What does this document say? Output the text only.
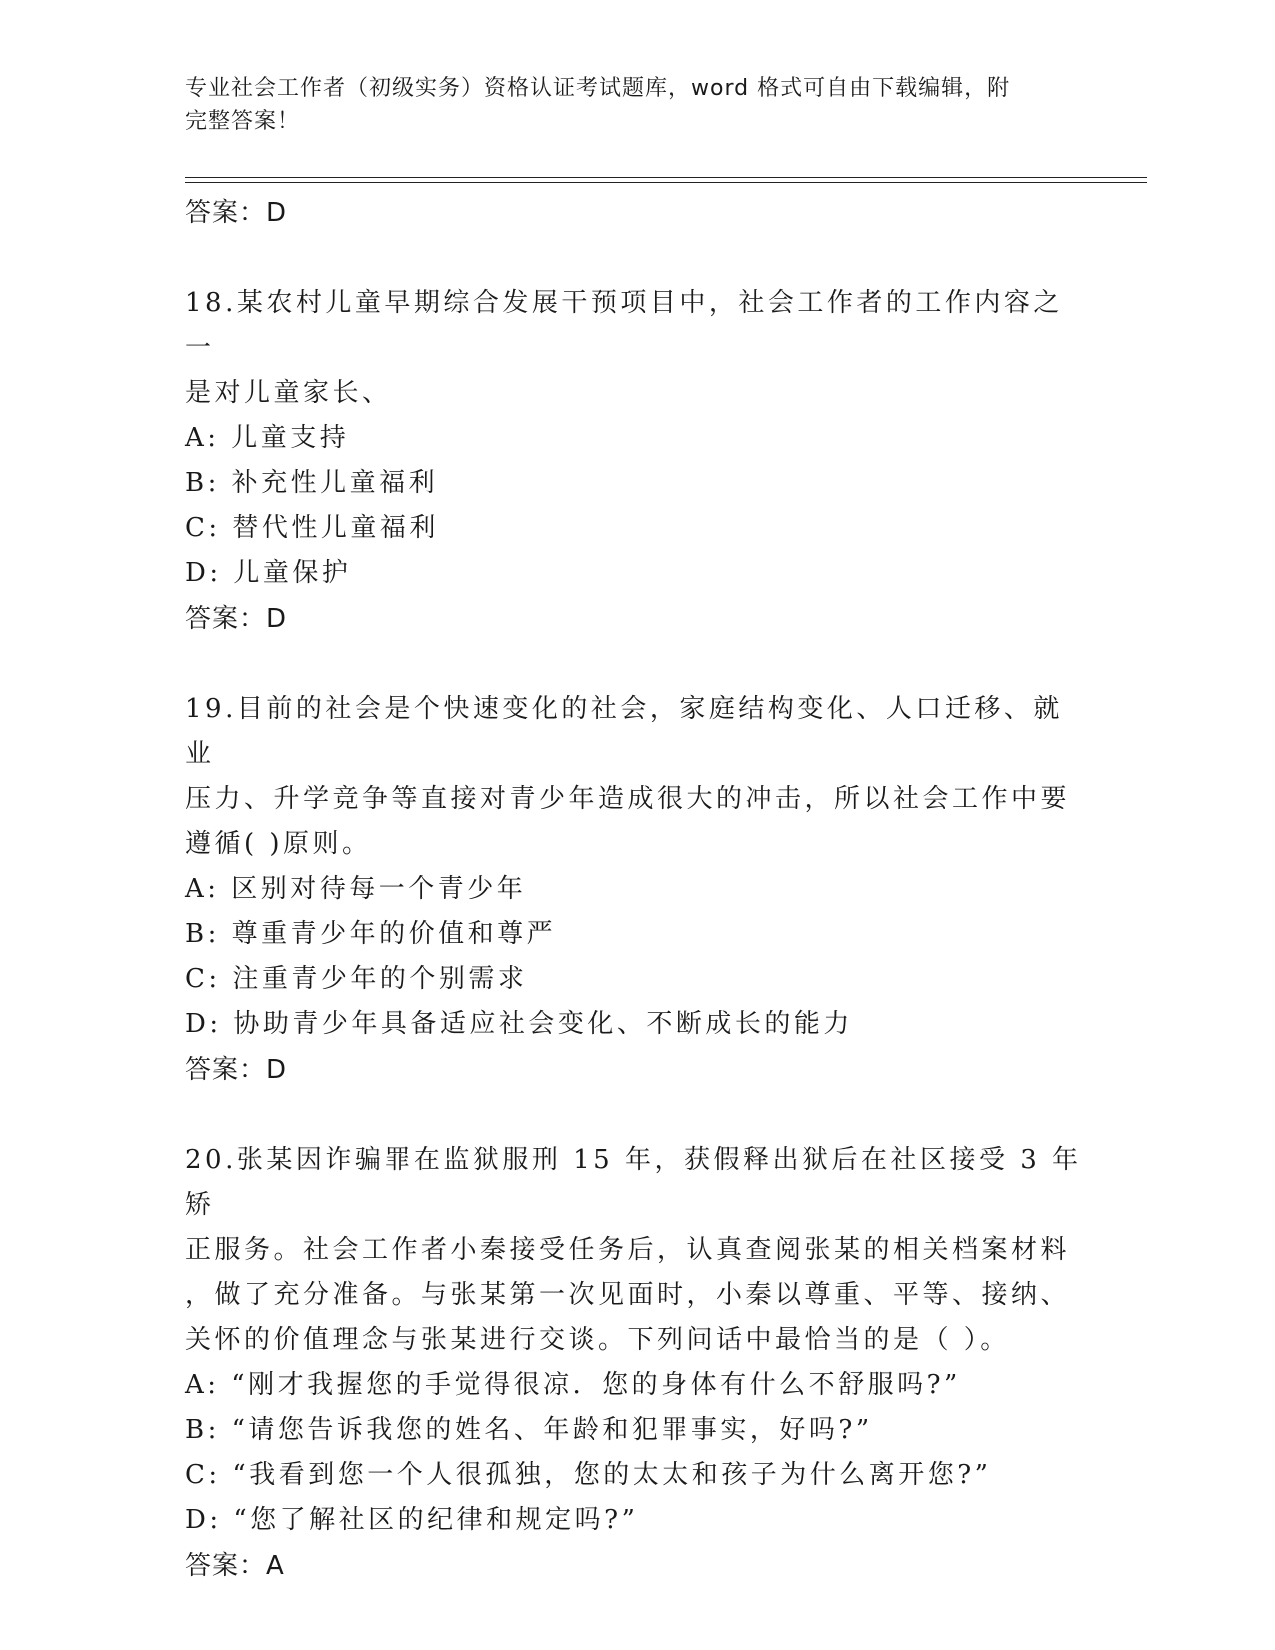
专业社会工作者（初级实务）资格认证考试题库，word 格式可自由下载编辑，附
完整答案！
答案：D
18.某农村儿童早期综合发展干预项目中，社会工作者的工作内容之一
是对儿童家长、
A: 儿童支持
B: 补充性儿童福利
C: 替代性儿童福利
D: 儿童保护
答案：D
19.目前的社会是个快速变化的社会，家庭结构变化、人口迁移、就业
压力、升学竞争等直接对青少年造成很大的冲击，所以社会工作中要
遵循( )原则。
A: 区别对待每一个青少年
B: 尊重青少年的价值和尊严
C: 注重青少年的个别需求
D: 协助青少年具备适应社会变化、不断成长的能力
答案：D
20.张某因诈骗罪在监狱服刑 15 年，获假释出狱后在社区接受 3 年矫
正服务。社会工作者小秦接受任务后，认真查阅张某的相关档案材料
，做了充分准备。与张某第一次见面时，小秦以尊重、平等、接纳、
关怀的价值理念与张某进行交谈。下列问话中最恰当的是（ ）。
A: “刚才我握您的手觉得很凉．您的身体有什么不舒服吗?”
B: “请您告诉我您的姓名、年龄和犯罪事实，好吗?”
C: “我看到您一个人很孤独，您的太太和孩子为什么离开您?”
D: “您了解社区的纪律和规定吗?”
答案：A
